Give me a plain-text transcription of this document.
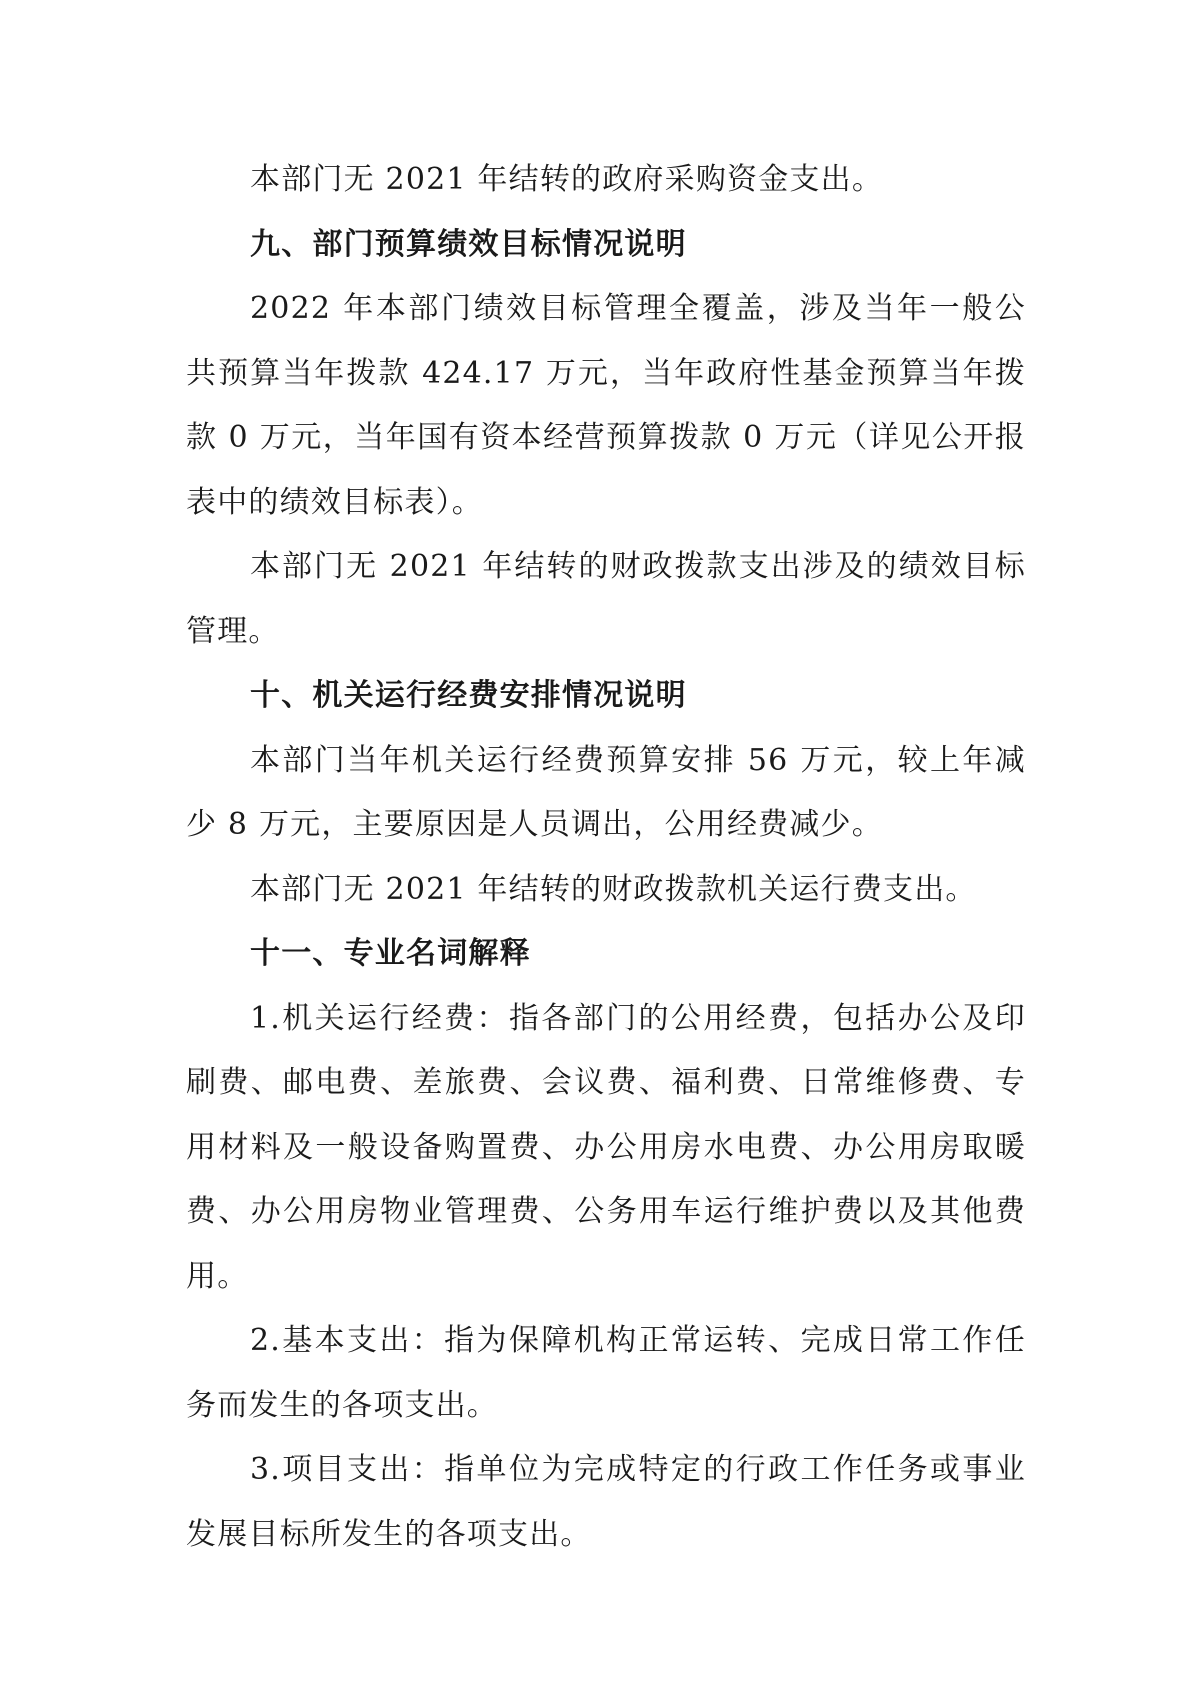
本部门无 2021 年结转的政府采购资金支出。

九、部门预算绩效目标情况说明

2022 年本部门绩效目标管理全覆盖，涉及当年一般公共预算当年拨款 424.17 万元，当年政府性基金预算当年拨款 0 万元，当年国有资本经营预算拨款 0 万元（详见公开报表中的绩效目标表）。

本部门无 2021 年结转的财政拨款支出涉及的绩效目标管理。

十、机关运行经费安排情况说明

本部门当年机关运行经费预算安排 56 万元，较上年减少 8 万元，主要原因是人员调出，公用经费减少。

本部门无 2021 年结转的财政拨款机关运行费支出。

十一、专业名词解释

1.机关运行经费：指各部门的公用经费，包括办公及印刷费、邮电费、差旅费、会议费、福利费、日常维修费、专用材料及一般设备购置费、办公用房水电费、办公用房取暖费、办公用房物业管理费、公务用车运行维护费以及其他费用。

2.基本支出：指为保障机构正常运转、完成日常工作任务而发生的各项支出。

3.项目支出：指单位为完成特定的行政工作任务或事业发展目标所发生的各项支出。
